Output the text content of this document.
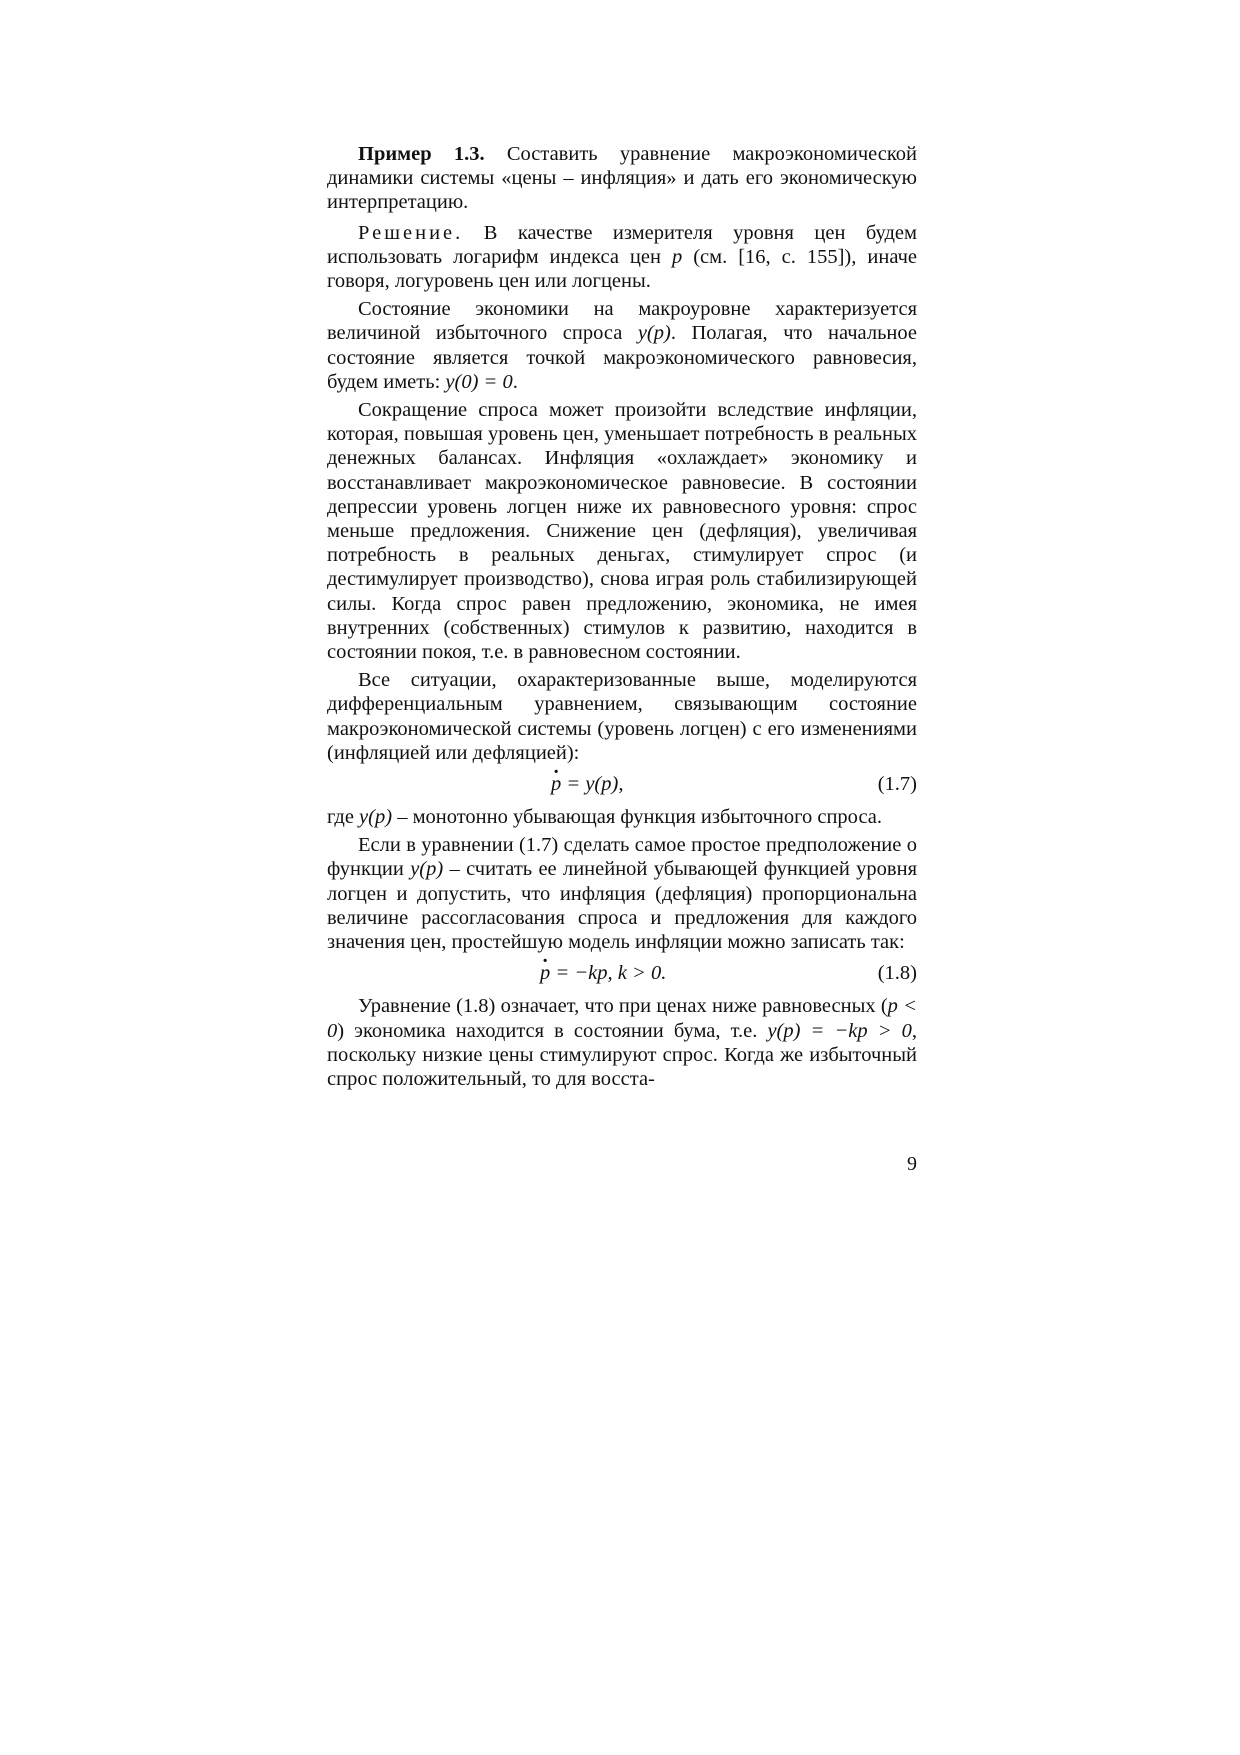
Пример 1.3. Составить уравнение макроэкономической динамики системы «цены – инфляция» и дать его экономическую интерпретацию.

Решение. В качестве измерителя уровня цен будем использовать логарифм индекса цен p (см. [16, с. 155]), иначе говоря, логуровень цен или логцены.

Состояние экономики на макроуровне характеризуется величиной избыточного спроса y(p). Полагая, что начальное состояние является точкой макроэкономического равновесия, будем иметь: y(0) = 0.

Сокращение спроса может произойти вследствие инфляции, которая, повышая уровень цен, уменьшает потребность в реальных денежных балансах. Инфляция «охлаждает» экономику и восстанавливает макроэкономическое равновесие. В состоянии депрессии уровень логцен ниже их равновесного уровня: спрос меньше предложения. Снижение цен (дефляция), увеличивая потребность в реальных деньгах, стимулирует спрос (и дестимулирует производство), снова играя роль стабилизирующей силы. Когда спрос равен предложению, экономика, не имея внутренних (собственных) стимулов к развитию, находится в состоянии покоя, т.е. в равновесном состоянии.

Все ситуации, охарактеризованные выше, моделируются дифференциальным уравнением, связывающим состояние макроэкономической системы (уровень логцен) с его изменениями (инфляцией или дефляцией):

· p = y(p),	(1.7)

где y(p) – монотонно убывающая функция избыточного спроса.

Если в уравнении (1.7) сделать самое простое предположение о функции y(p) – считать ее линейной убывающей функцией уровня логцен и допустить, что инфляция (дефляция) пропорциональна величине рассогласования спроса и предложения для каждого значения цен, простейшую модель инфляции можно записать так:

· p = −kp, k > 0.	(1.8)

Уравнение (1.8) означает, что при ценах ниже равновесных (p < 0) экономика находится в состоянии бума, т.е. y(p) = −kp > 0, поскольку низкие цены стимулируют спрос. Когда же избыточный спрос положительный, то для восста-

9
